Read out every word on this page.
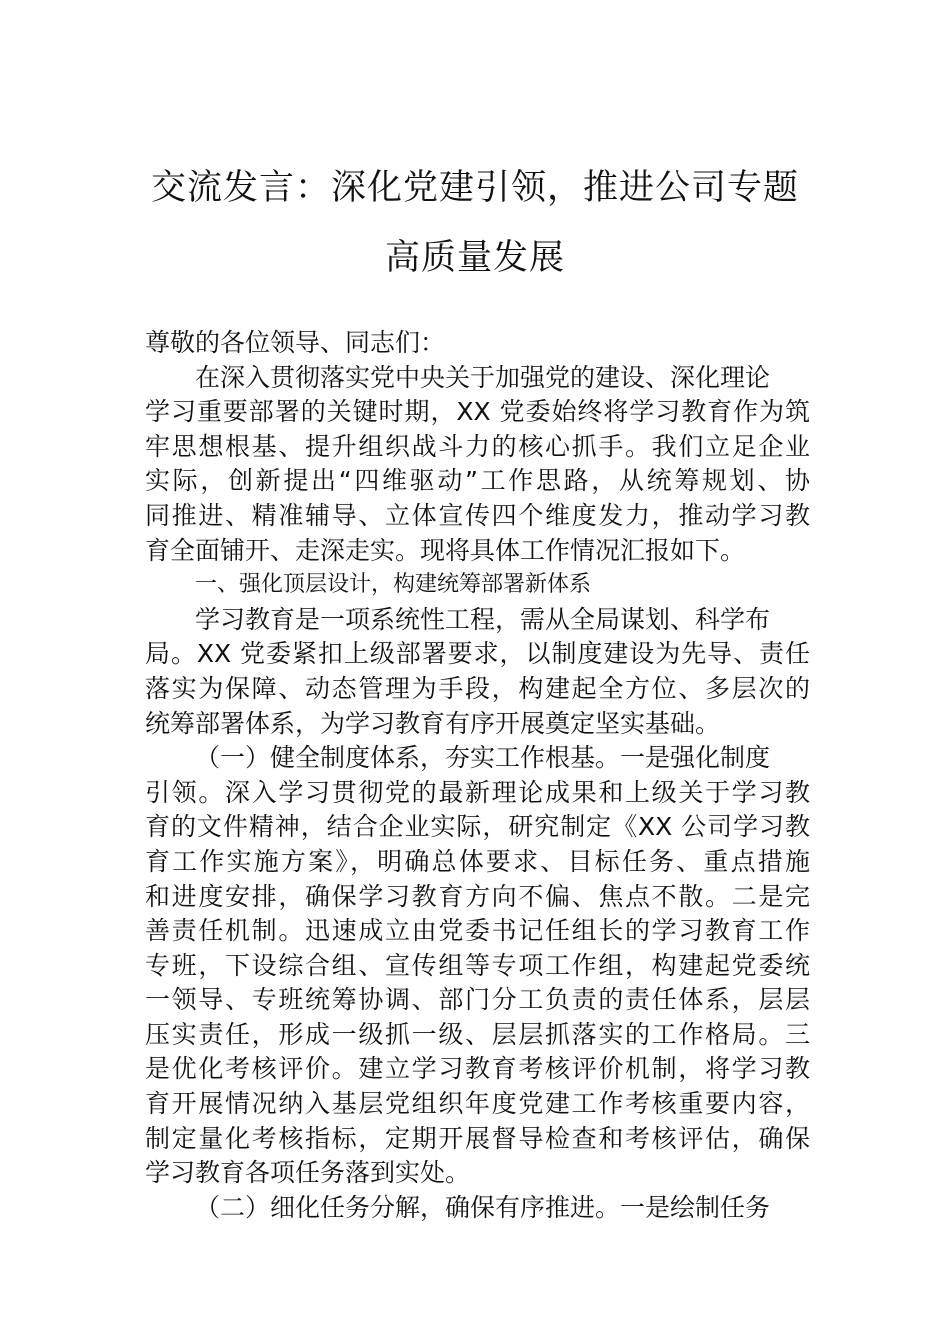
交流发言：深化党建引领，推进公司专题
高质量发展
尊敬的各位领导、同志们：
在深入贯彻落实党中央关于加强党的建设、深化理论
学习重要部署的关键时期，XX 党委始终将学习教育作为筑
牢思想根基、提升组织战斗力的核心抓手。我们立足企业
实际，创新提出“四维驱动”工作思路，从统筹规划、协
同推进、精准辅导、立体宣传四个维度发力，推动学习教
育全面铺开、走深走实。现将具体工作情况汇报如下。
一、强化顶层设计，构建统筹部署新体系
学习教育是一项系统性工程，需从全局谋划、科学布
局。XX 党委紧扣上级部署要求，以制度建设为先导、责任
落实为保障、动态管理为手段，构建起全方位、多层次的
统筹部署体系，为学习教育有序开展奠定坚实基础。
（一）健全制度体系，夯实工作根基。一是强化制度
引领。深入学习贯彻党的最新理论成果和上级关于学习教
育的文件精神，结合企业实际，研究制定《XX 公司学习教
育工作实施方案》，明确总体要求、目标任务、重点措施
和进度安排，确保学习教育方向不偏、焦点不散。二是完
善责任机制。迅速成立由党委书记任组长的学习教育工作
专班，下设综合组、宣传组等专项工作组，构建起党委统
一领导、专班统筹协调、部门分工负责的责任体系，层层
压实责任，形成一级抓一级、层层抓落实的工作格局。三
是优化考核评价。建立学习教育考核评价机制，将学习教
育开展情况纳入基层党组织年度党建工作考核重要内容，
制定量化考核指标，定期开展督导检查和考核评估，确保
学习教育各项任务落到实处。
（二）细化任务分解，确保有序推进。一是绘制任务
